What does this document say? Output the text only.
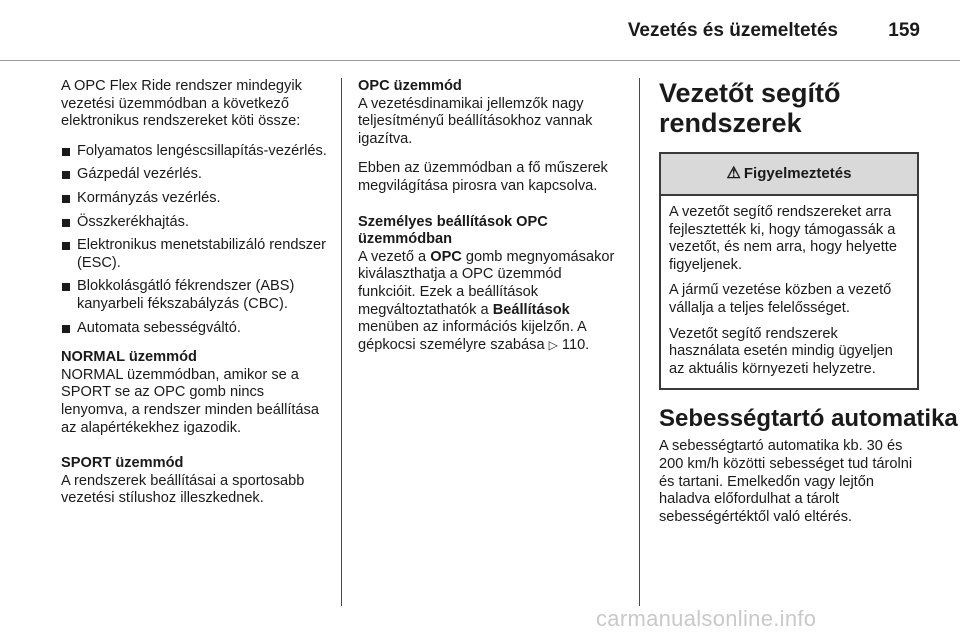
Vezetés és üzemeltetés	159

A OPC Flex Ride rendszer mindegyik vezetési üzemmódban a következő elektronikus rendszereket köti össze:

Folyamatos lengéscsillapítás-vezérlés.
Gázpedál vezérlés.
Kormányzás vezérlés.
Összkerékhajtás.
Elektronikus menetstabilizáló rendszer (ESC).
Blokkolásgátló fékrendszer (ABS) kanyarbeli fékszabályzás (CBC).
Automata sebességváltó.

NORMAL üzemmód

NORMAL üzemmódban, amikor se a SPORT se az OPC gomb nincs lenyomva, a rendszer minden beállítása az alapértékekhez igazodik.

SPORT üzemmód

A rendszerek beállításai a sportosabb vezetési stílushoz illeszkednek.

OPC üzemmód

A vezetésdinamikai jellemzők nagy teljesítményű beállításokhoz vannak igazítva.

Ebben az üzemmódban a fő műszerek megvilágítása pirosra van kapcsolva.

Személyes beállítások OPC üzemmódban

A vezető a OPC gomb megnyomásakor kiválaszthatja a OPC üzemmód funkcióit. Ezek a beállítások megváltoztathatók a Beállítások menüben az információs kijelzőn. A gépkocsi személyre szabása ▷ 110.

Vezetőt segítő rendszerek
⚠ Figyelmeztetés

A vezetőt segítő rendszereket arra fejlesztették ki, hogy támogassák a vezetőt, és nem arra, hogy helyette figyeljenek.

A jármű vezetése közben a vezető vállalja a teljes felelősséget.

Vezetőt segítő rendszerek használata esetén mindig ügyeljen az aktuális környezeti helyzetre.

Sebességtartó automatika

A sebességtartó automatika kb. 30 és 200 km/h közötti sebességet tud tárolni és tartani. Emelkedőn vagy lejtőn haladva előfordulhat a tárolt sebességértéktől való eltérés.

carmanualsonline.info
